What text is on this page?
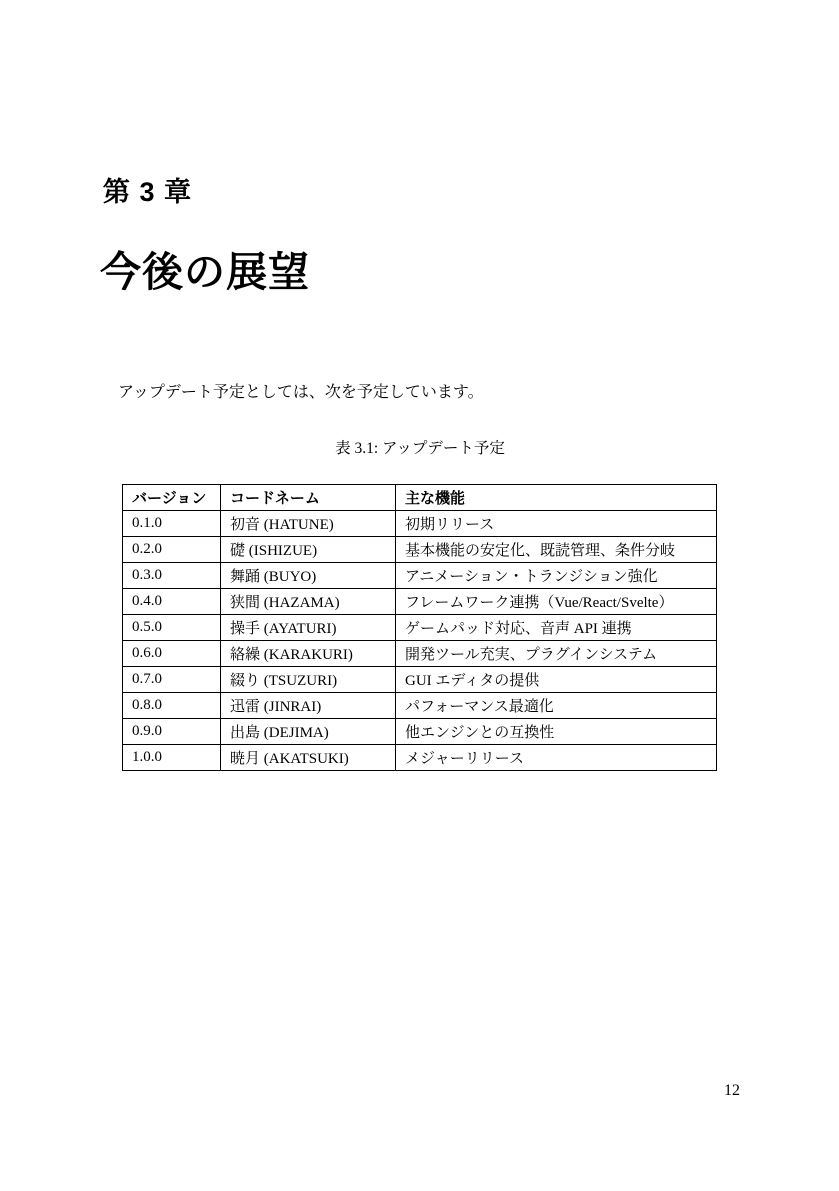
第 3 章
今後の展望
アップデート予定としては、次を予定しています。
表 3.1: アップデート予定
バージョン	コードネーム	主な機能
0.1.0	初音 (HATUNE)	初期リリース
0.2.0	礎 (ISHIZUE)	基本機能の安定化、既読管理、条件分岐
0.3.0	舞踊 (BUYO)	アニメーション・トランジション強化
0.4.0	狭間 (HAZAMA)	フレームワーク連携（Vue/React/Svelte）
0.5.0	操手 (AYATURI)	ゲームパッド対応、音声 API 連携
0.6.0	絡繰 (KARAKURI)	開発ツール充実、プラグインシステム
0.7.0	綴り (TSUZURI)	GUI エディタの提供
0.8.0	迅雷 (JINRAI)	パフォーマンス最適化
0.9.0	出島 (DEJIMA)	他エンジンとの互換性
1.0.0	暁月 (AKATSUKI)	メジャーリリース
12
